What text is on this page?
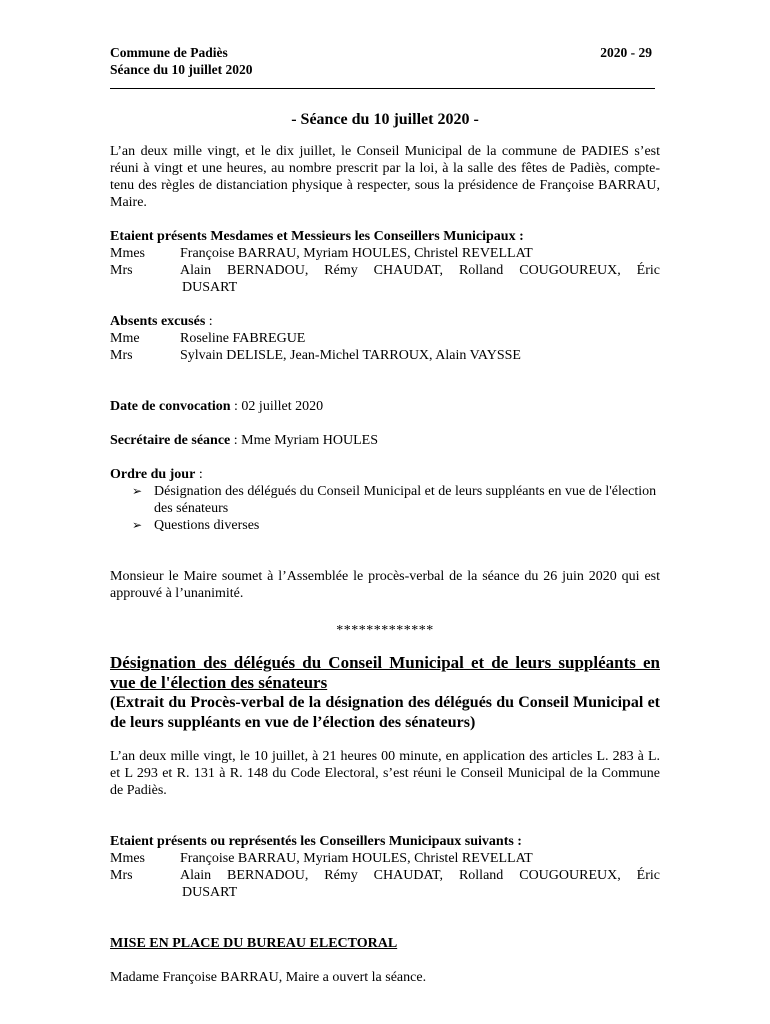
Commune de Padiès
Séance du 10 juillet 2020
2020 - 29
- Séance du 10 juillet 2020 -

L’an deux mille vingt, et le dix juillet, le Conseil Municipal de la commune de PADIES s’est réuni à vingt et une heures, au nombre prescrit par la loi, à la salle des fêtes de Padiès, compte-tenu des règles de distanciation physique à respecter, sous la présidence de Françoise BARRAU, Maire.

Etaient présents Mesdames et Messieurs les Conseillers Municipaux :
Mmes	Françoise BARRAU, Myriam HOULES, Christel REVELLAT
Mrs	Alain BERNADOU, Rémy CHAUDAT, Rolland COUGOUREUX, Éric
DUSART
Absents excusés :
Mme	Roseline FABREGUE
Mrs	Sylvain DELISLE, Jean-Michel TARROUX, Alain VAYSSE
Date de convocation : 02 juillet 2020
Secrétaire de séance : Mme Myriam HOULES
Ordre du jour :
➢ Désignation des délégués du Conseil Municipal et de leurs suppléants en vue de l'élection des sénateurs
➢ Questions diverses

Monsieur le Maire soumet à l’Assemblée le procès-verbal de la séance du 26 juin 2020 qui est approuvé à l’unanimité.

*************
Désignation des délégués du Conseil Municipal et de leurs suppléants en vue de l'élection des sénateurs
(Extrait du Procès-verbal de la désignation des délégués du Conseil Municipal et de leurs suppléants en vue de l’élection des sénateurs)

L’an deux mille vingt, le 10 juillet, à 21 heures 00 minute, en application des articles L. 283 à L. et L 293 et R. 131 à R. 148 du Code Electoral, s’est réuni le Conseil Municipal de la Commune de Padiès.

Etaient présents ou représentés les Conseillers Municipaux suivants :
Mmes	Françoise BARRAU, Myriam HOULES, Christel REVELLAT
Mrs	Alain BERNADOU, Rémy CHAUDAT, Rolland COUGOUREUX, Éric
DUSART
MISE EN PLACE DU BUREAU ELECTORAL

Madame Françoise BARRAU, Maire a ouvert la séance.
